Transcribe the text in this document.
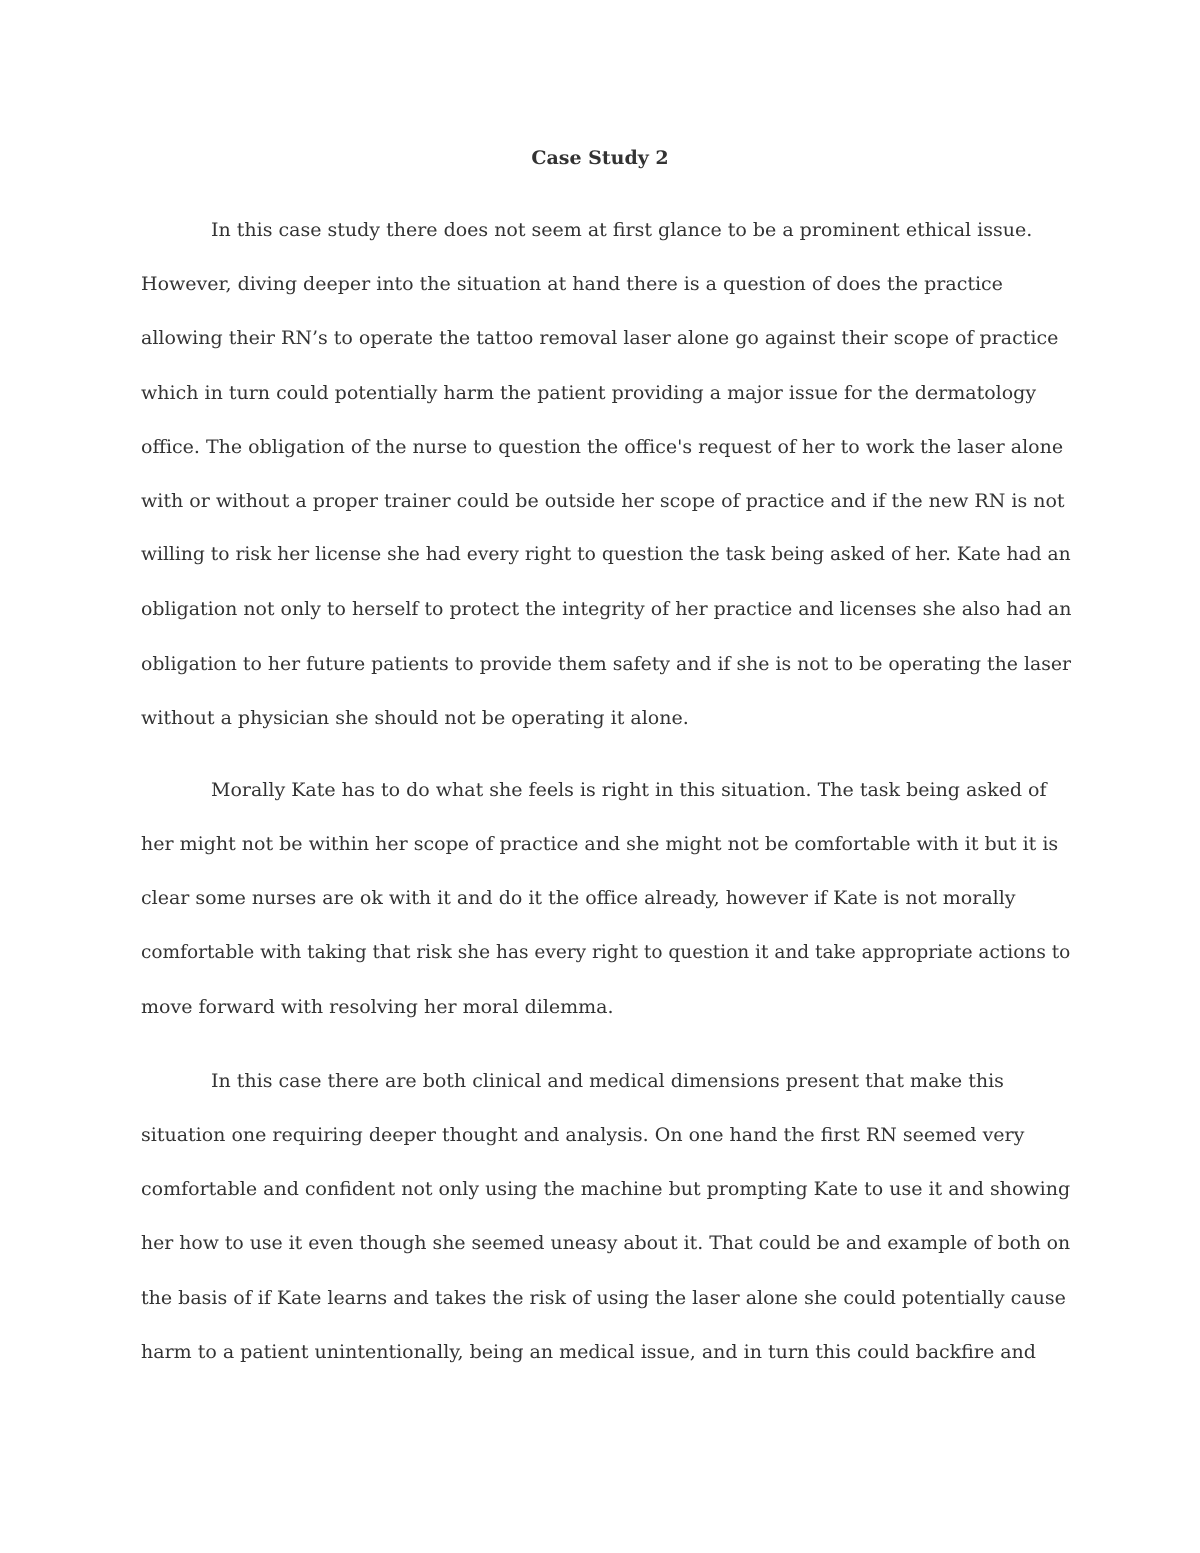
Case Study 2
In this case study there does not seem at first glance to be a prominent ethical issue.
However, diving deeper into the situation at hand there is a question of does the practice
allowing their RN’s to operate the tattoo removal laser alone go against their scope of practice
which in turn could potentially harm the patient providing a major issue for the dermatology
office. The obligation of the nurse to question the office's request of her to work the laser alone
with or without a proper trainer could be outside her scope of practice and if the new RN is not
willing to risk her license she had every right to question the task being asked of her. Kate had an
obligation not only to herself to protect the integrity of her practice and licenses she also had an
obligation to her future patients to provide them safety and if she is not to be operating the laser
without a physician she should not be operating it alone.
Morally Kate has to do what she feels is right in this situation. The task being asked of
her might not be within her scope of practice and she might not be comfortable with it but it is
clear some nurses are ok with it and do it the office already, however if Kate is not morally
comfortable with taking that risk she has every right to question it and take appropriate actions to
move forward with resolving her moral dilemma.
In this case there are both clinical and medical dimensions present that make this
situation one requiring deeper thought and analysis. On one hand the first RN seemed very
comfortable and confident not only using the machine but prompting Kate to use it and showing
her how to use it even though she seemed uneasy about it. That could be and example of both on
the basis of if Kate learns and takes the risk of using the laser alone she could potentially cause
harm to a patient unintentionally, being an medical issue, and in turn this could backfire and
